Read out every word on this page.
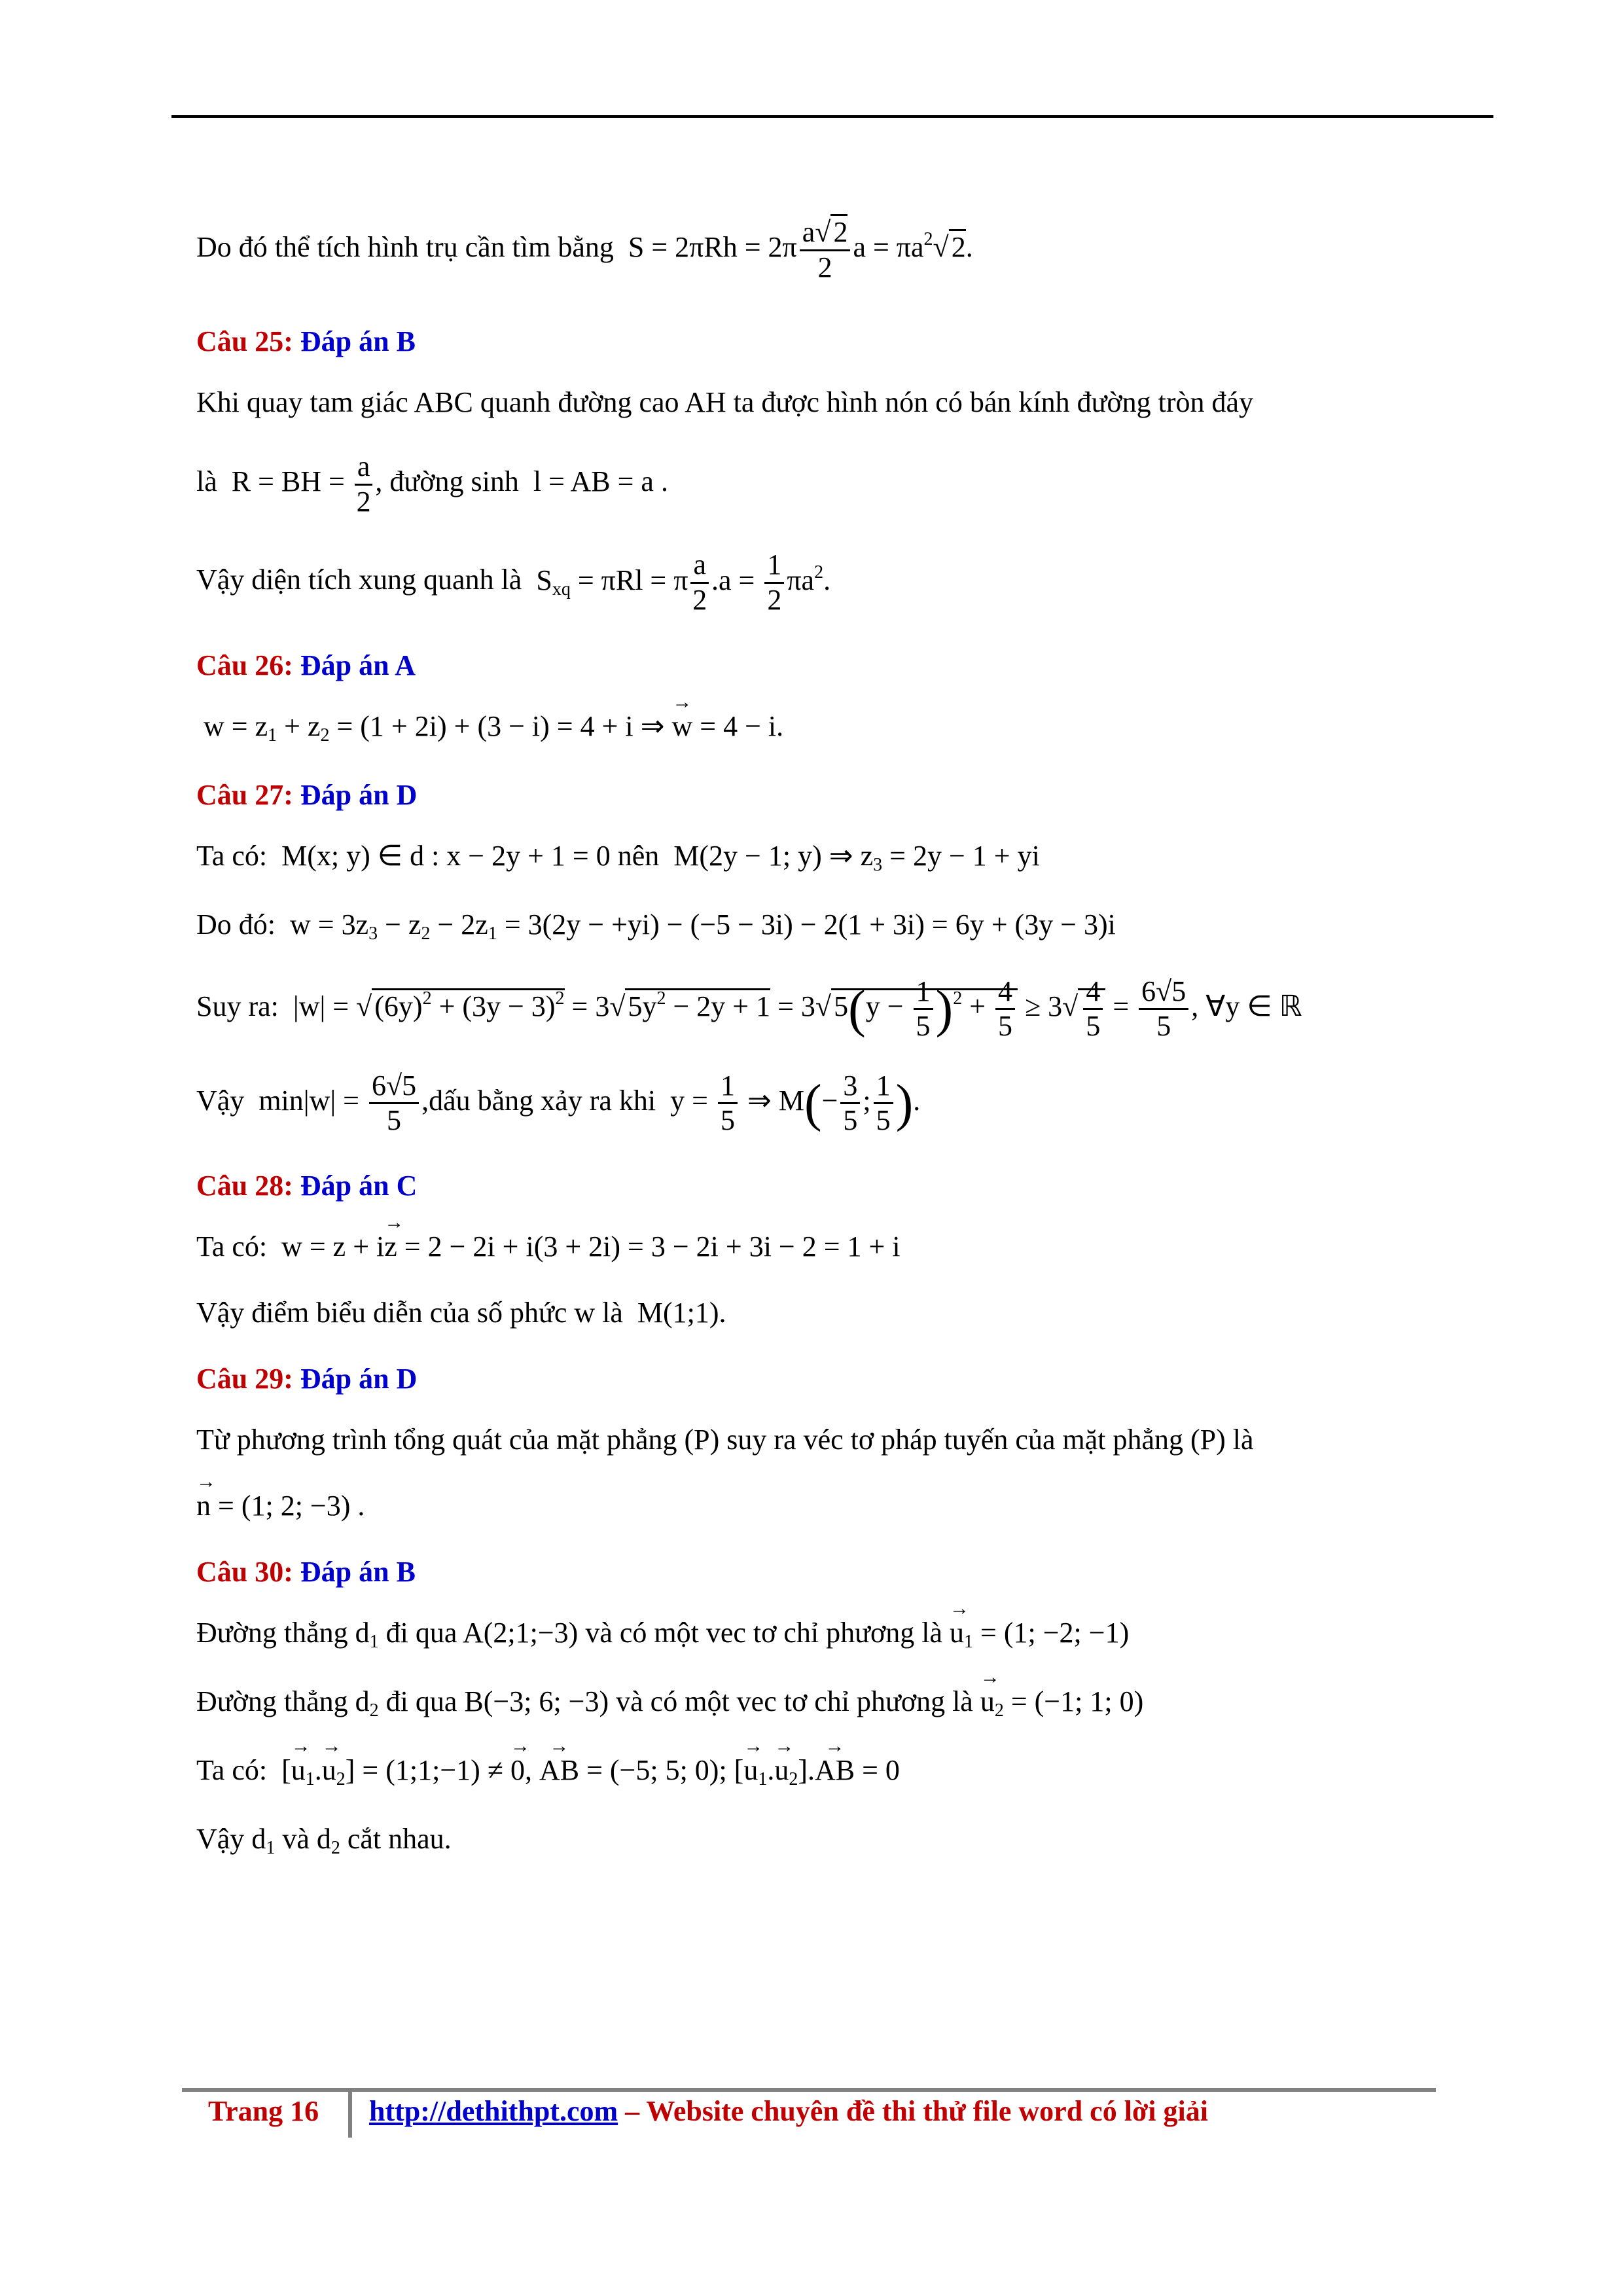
Do đó thể tích hình trụ cần tìm bằng  $S = 2\pi Rh = 2\pi \frac{a√2}{2}$ $a = \pi a^2√2$.

Câu 25: Đáp án B

Khi quay tam giác ABC quanh đường cao AH ta được hình nón có bán kính đường tròn đáy

là  R = BH = $\frac{a}{2}$ , đường sinh  l = AB = a .

Vậy diện tích xung quanh là  $S_{xq} = \pi Rl = \pi \frac{a}{2} .a = \frac{1}{2} \pi a^2$.

Câu 26: Đáp án A

$w = z_1 + z_2 = (1 + 2i) + (3 - i) = 4 + i$ ⇒ → w = 4 − i.

Câu 27: Đáp án D

Ta có:  M(x; y) ∈ d : x − 2y + 1 = 0 nên  M(2y − 1; y) ⇒ $z_3 = 2y - 1$ + yi

Do đó:  $w = 3z_3 - z_2 - 2z_1 = 3(2y - +yi) - (-5 - 3i) - 2(1 + 3i) = 6y + (3y - 3)i$

Suy ra:  $|w| = √(6y)^2 + (3y - 3)^2 = 3√5y^2 - 2y + 1 = 3√5(y - \frac{1}{5} )^2 + \frac{4}{5} \ge 3√ \frac{4}{5} = \frac{6√5}{5}$ , ∀y ∈ ℝ

Vậy  $\min|w| = \frac{6√5}{5}$ ,dấu bằng xảy ra khi  $y = \frac{1}{5}$ ⇒ $M(- \frac{3}{5}$ ; $\frac{1}{5}$ ).

Câu 28: Đáp án C

Ta có:  w = z + i→ z = 2 − 2i + i(3 + 2i) = 3 − 2i + 3i − 2 = 1 + i

Vậy điểm biểu diễn của số phức w là  M(1;1).

Câu 29: Đáp án D

Từ phương trình tổng quát của mặt phẳng (P) suy ra véc tơ pháp tuyến của mặt phẳng (P) là

→ n = (1; 2; −3) .

Câu 30: Đáp án B

Đường thẳng $d_1$ đi qua A(2;1;−3) và có một vec tơ chỉ phương là → $u_1 = (1$; −2; −1)

Đường thẳng $d_2$ đi qua B(−3; 6; −3) và có một vec tơ chỉ phương là → $u_2 = (-1$; 1; 0)

Ta có:  [→ $u_1.\to u_2$] = (1;1;−1) ≠ → 0, → AB = (−5; 5; 0); [→ $u_1.\to u_2].\to$ AB = 0

Vậy $d_1$ và $d_2$ cắt nhau.

Trang 16 http://dethithpt.com – Website chuyên đề thi thử file word có lời giải
